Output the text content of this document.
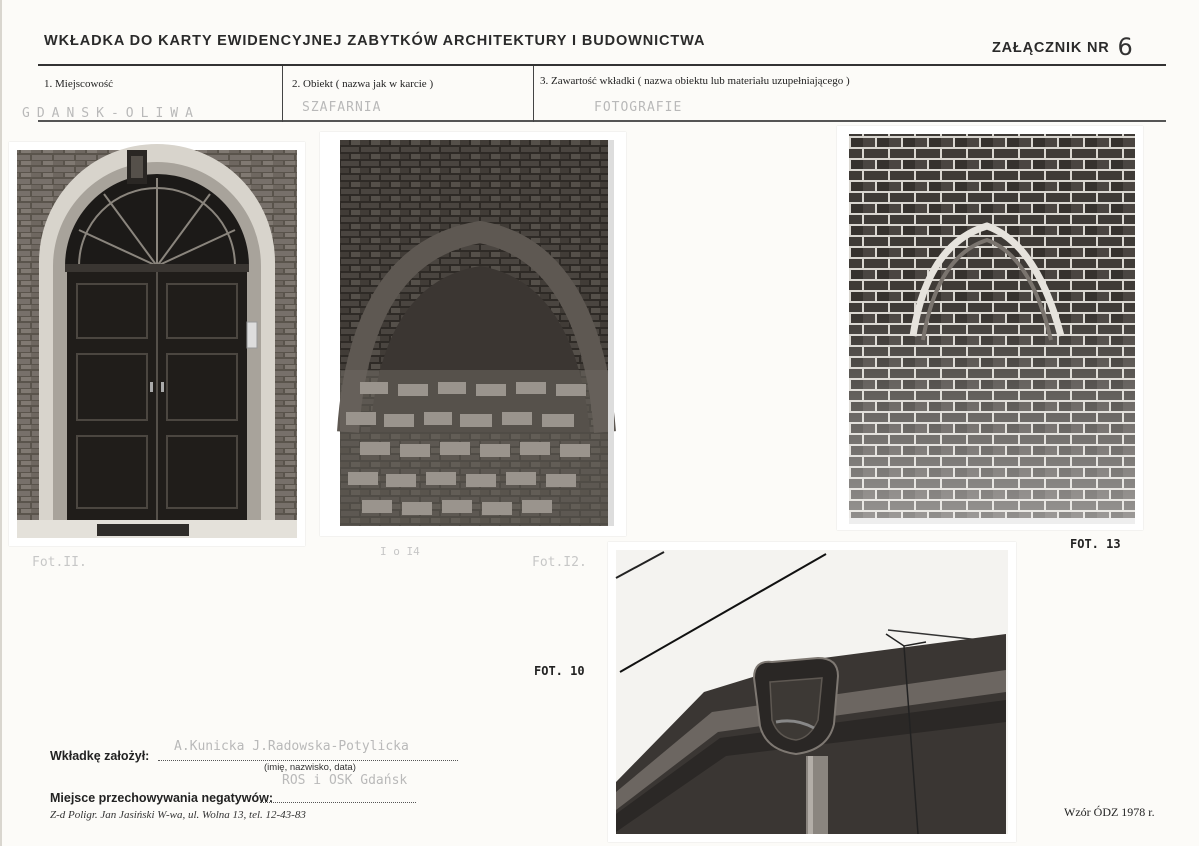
WKŁADKA DO KARTY EWIDENCYJNEJ ZABYTKÓW ARCHITEKTURY I BUDOWNICTWA	ZAŁĄCZNIK NR 6
1. Miejscowość
GDANSK-OLIWA
2. Obiekt ( nazwa jak w karcie )
SZAFARNIA
3. Zawartość wkładki ( nazwa obiektu lub materiału uzupełniającego )
FOTOGRAFIE
Fot.II.
I o I4
Fot.I2.
FOT. 13
FOT. 10
Wkładkę założył:
A.Kunicka J.Radowska-Potylicka
(imię, nazwisko, data)
ROS i OSK Gdańsk
Miejsce przechowywania negatywów:
Z-d Poligr. Jan Jasiński W-wa, ul. Wolna 13, tel. 12-43-83	Wzór ÓDZ 1978 r.
